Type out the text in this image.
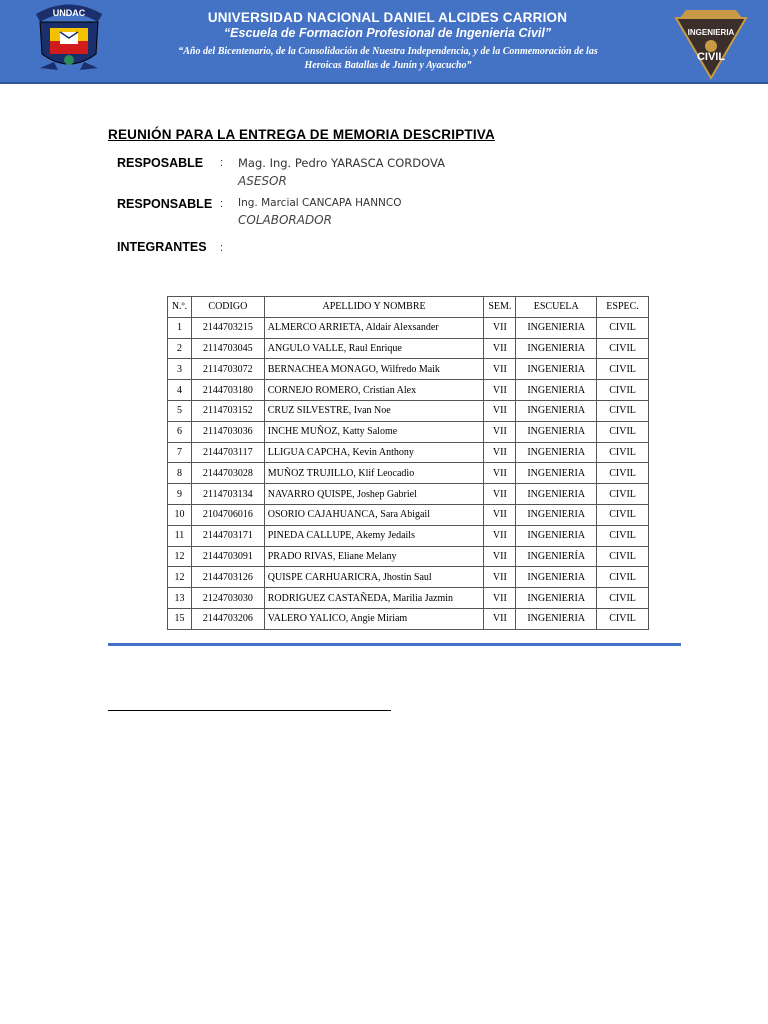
UNDAC	UNIVERSIDAD NACIONAL DANIEL ALCIDES CARRION
“Escuela de Formacion Profesional de Ingenieria Civil”
“Año del Bicentenario, de la Consolidación de Nuestra Independencia, y de la Conmemoración de las
Heroicas Batallas de Junín y Ayacucho”
INGENIERIA
CIVIL
REUNIÓN PARA LA ENTREGA DE MEMORIA DESCRIPTIVA
RESPOSABLE : Mag. Ing. Pedro YARASCA CORDOVA
ASESOR
RESPONSABLE : Ing. Marcial CANCAPA HANNCO
COLABORADOR
INTEGRANTES :
N.º.	CODIGO	APELLIDO Y NOMBRE	SEM.	ESCUELA	ESPEC.
1	2144703215	ALMERCO ARRIETA, Aldair Alexsander	VII	INGENIERIA	CIVIL
2	2114703045	ANGULO VALLE, Raul Enrique	VII	INGENIERIA	CIVIL
3	2114703072	BERNACHEA MONAGO, Wilfredo Maik	VII	INGENIERIA	CIVIL
4	2144703180	CORNEJO ROMERO, Cristian Alex	VII	INGENIERIA	CIVIL
5	2114703152	CRUZ SILVESTRE, Ivan Noe	VII	INGENIERIA	CIVIL
6	2114703036	INCHE MUÑOZ, Katty Salome	VII	INGENIERIA	CIVIL
7	2144703117	LLIGUA CAPCHA, Kevin Anthony	VII	INGENIERIA	CIVIL
8	2144703028	MUÑOZ TRUJILLO, Klif Leocadio	VII	INGENIERIA	CIVIL
9	2114703134	NAVARRO QUISPE, Joshep Gabriel	VII	INGENIERIA	CIVIL
10	2104706016	OSORIO CAJAHUANCA, Sara Abigail	VII	INGENIERIA	CIVIL
11	2144703171	PINEDA CALLUPE, Akemy Jedails	VII	INGENIERIA	CIVIL
12	2144703091	PRADO RIVAS, Eliane Melany	VII	INGENIERÍA	CIVIL
12	2144703126	QUISPE CARHUARICRA, Jhostin Saul	VII	INGENIERIA	CIVIL
13	2124703030	RODRIGUEZ CASTAÑEDA, Marilia Jazmin	VII	INGENIERIA	CIVIL
15	2144703206	VALERO YALICO, Angie Miriam	VII	INGENIERIA	CIVIL
